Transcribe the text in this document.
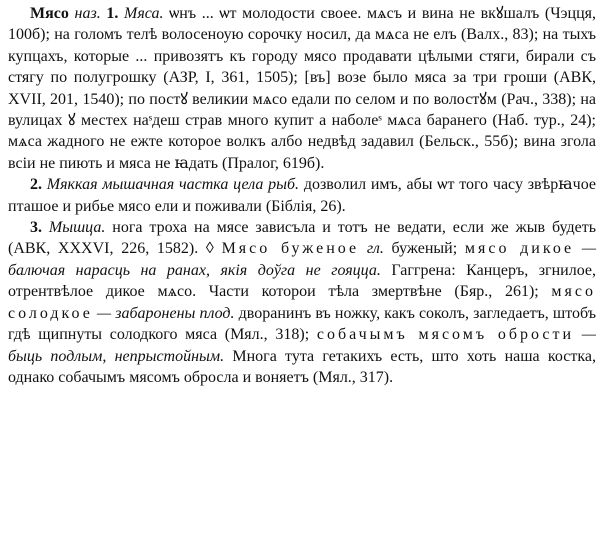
Мясо наз. 1. Мяса. ѡнъ ... ѡт молодости своее. мѧсъ и вина не вкꙋшалъ (Чэцця, 100б); на голомъ телѣ волосеноую сорочку носил, да мѧса не елъ (Валх., 83); на тыхъ купцахъ, которые ... привозятъ къ городу мясо продавати цѣлыми стяги, бирали съ стягу по полугрошку (АЗР, I, 361, 1505); [въ] возе было мяса за три гроши (АВК, XVII, 201, 1540); по постꙋ великии мѧсо едали по селом и по волостꙋм (Рач., 338); на вулицах ꙋ местех наˢдеш страв много купит а наболеˢ мѧса баранего (Наб. тур., 24); мѧса жадного не ежте которое волкъ албо недвѣд задавил (Бельск., 55б); вина згола всіи не пиють и мяса не ꙗдать (Пралог, 619б).

2. Мяккая мышачная частка цела рыб. дозволил имъ, абы ѡт того часу звѣрꙗчое пташое и рибье мясо ели и поживали (Біблія, 26).

3. Мышца. нога троха на мясе зависъла и тотъ не ведати, если же жыв будеть (АВК, XXXVI, 226, 1582). ◊ Мясо буженое гл. буженый; мясо дикое — балючая нарасць на ранах, якія доўга не гояцца. Гаггрена: Канцеръ, згнилое, отрентвѣлое дикое мѧсо. Части которои тѣла змертвѣне (Бяр., 261); мясо солодкое — забаронены плод. дворанинъ въ ножку, какъ соколъ, загледаетъ, штобъ гдѣ щипнуты солодкого мяса (Мял., 318); собачымъ мясомъ обрости — быць подлым, непрыстойным. Многа тута гетакихъ есть, што хоть наша костка, однако собачымъ мясомъ обросла и воняетъ (Мял., 317).
